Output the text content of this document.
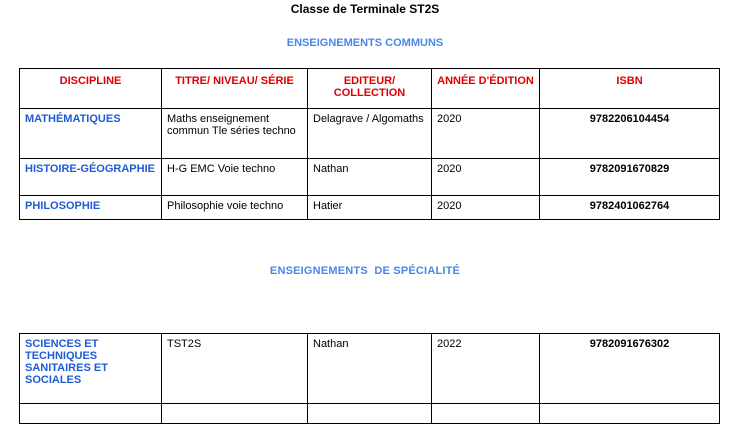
Classe de Terminale ST2S
ENSEIGNEMENTS COMMUNS
DISCIPLINE	TITRE/ NIVEAU/ SÉRIE	EDITEUR/ COLLECTION	ANNÉE D'ÉDITION	ISBN
MATHÉMATIQUES	Maths enseignement commun Tle séries techno	Delagrave / Algomaths	2020	9782206104454
HISTOIRE-GÉOGRAPHIE	H-G EMC Voie techno	Nathan	2020	9782091670829
PHILOSOPHIE	Philosophie voie techno	Hatier	2020	9782401062764
ENSEIGNEMENTS  DE SPÉCIALITÉ
SCIENCES ET TECHNIQUES SANITAIRES ET SOCIALES	TST2S	Nathan	2022	9782091676302
